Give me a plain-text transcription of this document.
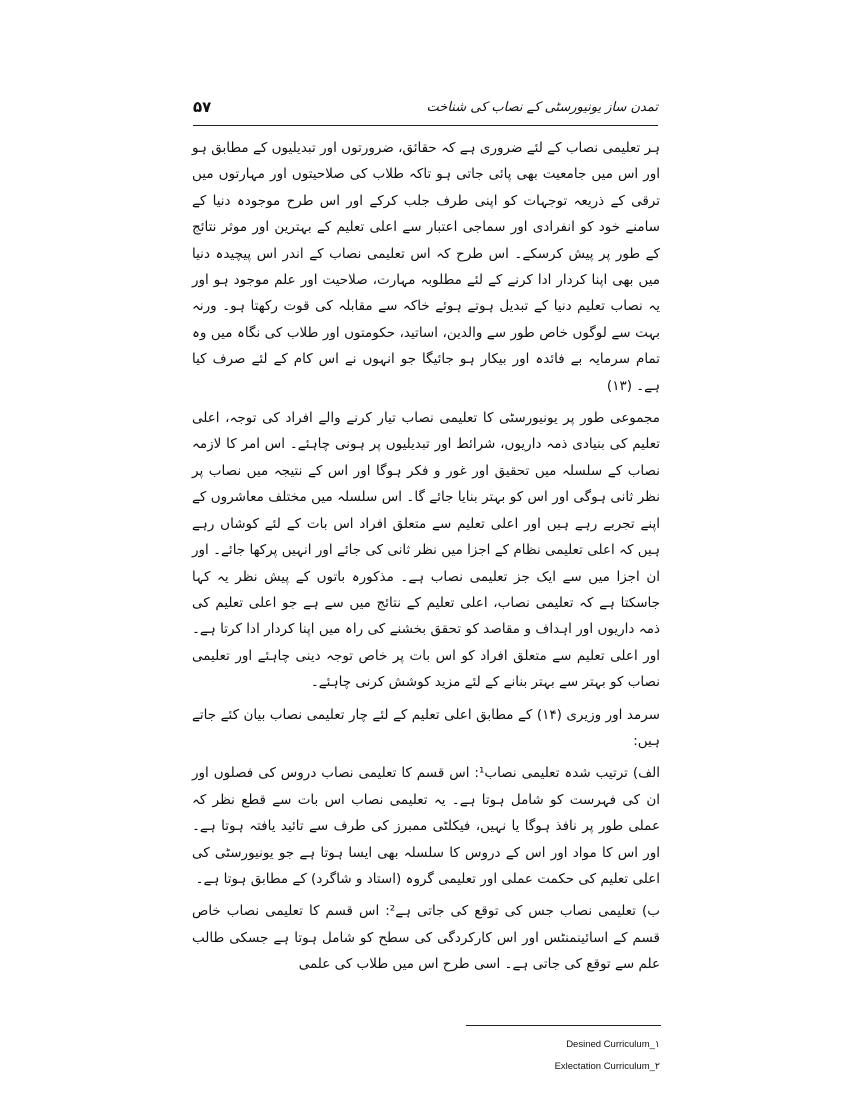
تمدن ساز یونیورسٹی کے نصاب کی شناخت
۵۷

ہر تعلیمی نصاب کے لئے ضروری ہے کہ حقائق، ضرورتوں اور تبدیلیوں کے مطابق ہو اور اس میں جامعیت بھی پائی جاتی ہو تاکہ طلاب کی صلاحیتوں اور مہارتوں میں ترقی کے ذریعہ توجہات کو اپنی طرف جلب کرکے اور اس طرح موجودہ دنیا کے سامنے خود کو انفرادی اور سماجی اعتبار سے اعلی تعلیم کے بہترین اور موثر نتائج کے طور پر پیش کرسکے۔ اس طرح کہ اس تعلیمی نصاب کے اندر اس پیچیدہ دنیا میں بھی اپنا کردار ادا کرنے کے لئے مطلوبہ مہارت، صلاحیت اور علم موجود ہو اور یہ نصاب تعلیم دنیا کے تبدیل ہوتے ہوئے خاکہ سے مقابلہ کی قوت رکھتا ہو۔ ورنہ بہت سے لوگوں خاص طور سے والدین، اساتید، حکومتوں اور طلاب کی نگاہ میں وہ تمام سرمایہ بے فائدہ اور بیکار ہو جائیگا جو انہوں نے اس کام کے لئے صرف کیا ہے۔ (۱۳)

مجموعی طور پر یونیورسٹی کا تعلیمی نصاب تیار کرنے والے افراد کی توجہ، اعلی تعلیم کی بنیادی ذمہ داریوں، شرائط اور تبدیلیوں پر ہونی چاہئے۔ اس امر کا لازمہ نصاب کے سلسلہ میں تحقیق اور غور و فکر ہوگا اور اس کے نتیجہ میں نصاب پر نظر ثانی ہوگی اور اس کو بہتر بنایا جائے گا۔ اس سلسلہ میں مختلف معاشروں کے اپنے تجربے رہے ہیں اور اعلی تعلیم سے متعلق افراد اس بات کے لئے کوشاں رہے ہیں کہ اعلی تعلیمی نظام کے اجزا میں نظر ثانی کی جائے اور انہیں پرکھا جائے۔ اور ان اجزا میں سے ایک جز تعلیمی نصاب ہے۔ مذکورہ باتوں کے پیش نظر یہ کہا جاسکتا ہے کہ تعلیمی نصاب، اعلی تعلیم کے نتائج میں سے ہے جو اعلی تعلیم کی ذمہ داریوں اور اہداف و مقاصد کو تحقق بخشنے کی راہ میں اپنا کردار ادا کرتا ہے۔ اور اعلی تعلیم سے متعلق افراد کو اس بات پر خاص توجہ دینی چاہئے اور تعلیمی نصاب کو بہتر سے بہتر بنانے کے لئے مزید کوشش کرنی چاہئے۔

سرمد اور وزیری (۱۴) کے مطابق اعلی تعلیم کے لئے چار تعلیمی نصاب بیان کئے جاتے ہیں:

الف) ترتیب شدہ تعلیمی نصاب¹: اس قسم کا تعلیمی نصاب دروس کی فصلوں اور ان کی فہرست کو شامل ہوتا ہے۔ یہ تعلیمی نصاب اس بات سے قطع نظر کہ عملی طور پر نافذ ہوگا یا نہیں، فیکلٹی ممبرز کی طرف سے تائید یافتہ ہوتا ہے۔ اور اس کا مواد اور اس کے دروس کا سلسلہ بھی ایسا ہوتا ہے جو یونیورسٹی کی اعلی تعلیم کی حکمت عملی اور تعلیمی گروہ (استاد و شاگرد) کے مطابق ہوتا ہے۔

ب) تعلیمی نصاب جس کی توقع کی جاتی ہے²: اس قسم کا تعلیمی نصاب خاص قسم کے اسائینمنٹس اور اس کارکردگی کی سطح کو شامل ہوتا ہے جسکی طالب علم سے توقع کی جاتی ہے۔ اسی طرح اس میں طلاب کی علمی

Desined Curriculum_۱
Exlectation Curriculum_۲
